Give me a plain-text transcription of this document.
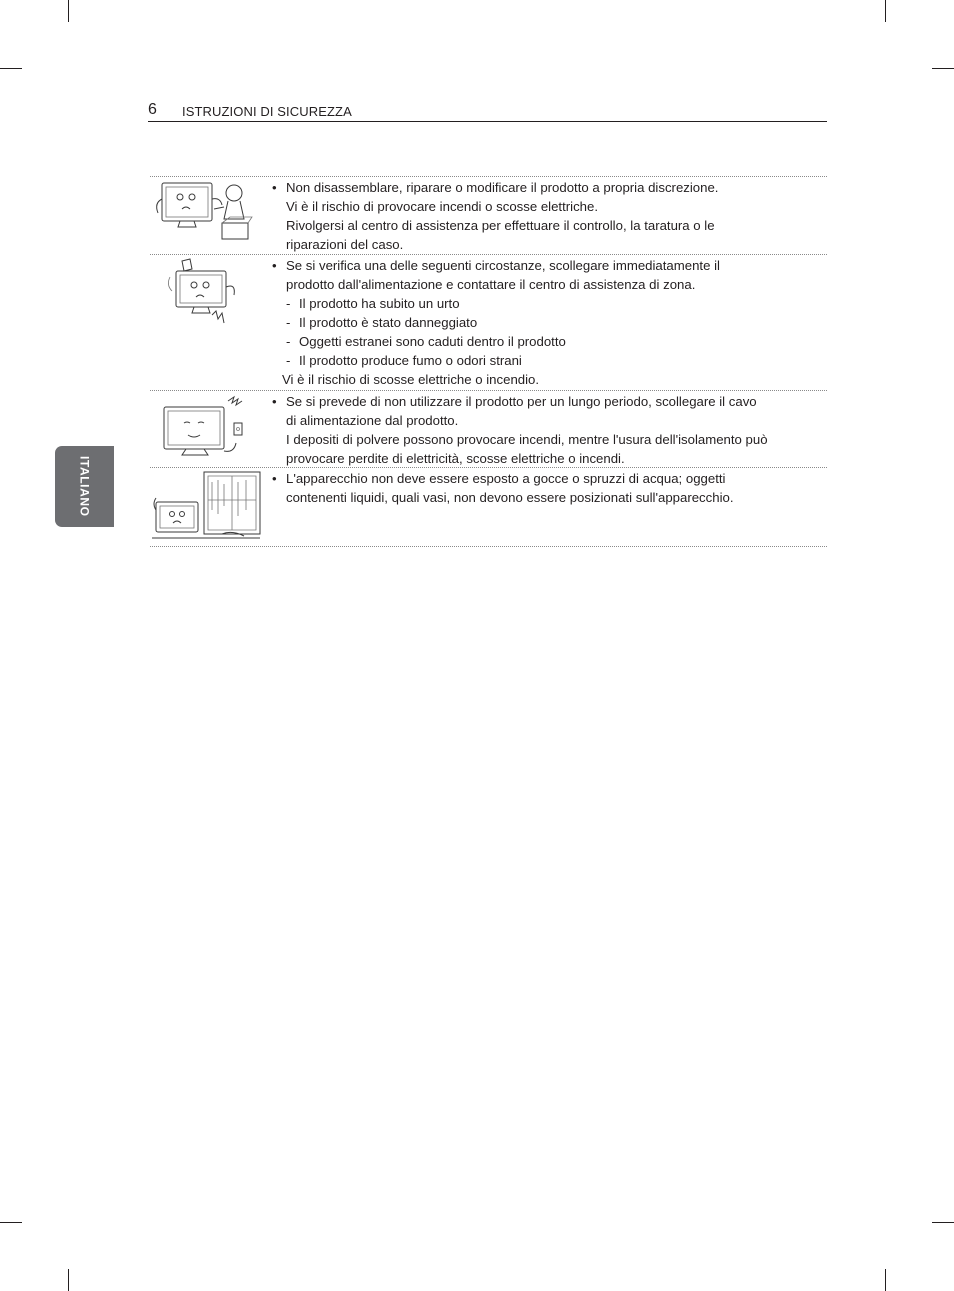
6 ISTRUZIONI DI SICUREZZA
ITALIANO
• Non disassemblare, riparare o modificare il prodotto a propria discrezione.
Vi è il rischio di provocare incendi o scosse elettriche.
Rivolgersi al centro di assistenza per effettuare il controllo, la taratura o le
riparazioni del caso.
• Se si verifica una delle seguenti circostanze, scollegare immediatamente il
prodotto dall'alimentazione e contattare il centro di assistenza di zona.
- Il prodotto ha subito un urto
- Il prodotto è stato danneggiato
- Oggetti estranei sono caduti dentro il prodotto
- Il prodotto produce fumo o odori strani
Vi è il rischio di scosse elettriche o incendio.
• Se si prevede di non utilizzare il prodotto per un lungo periodo, scollegare il cavo
di alimentazione dal prodotto.
I depositi di polvere possono provocare incendi, mentre l'usura dell'isolamento può
provocare perdite di elettricità, scosse elettriche o incendi.
• L'apparecchio non deve essere esposto a gocce o spruzzi di acqua; oggetti
contenenti liquidi, quali vasi, non devono essere posizionati sull'apparecchio.
